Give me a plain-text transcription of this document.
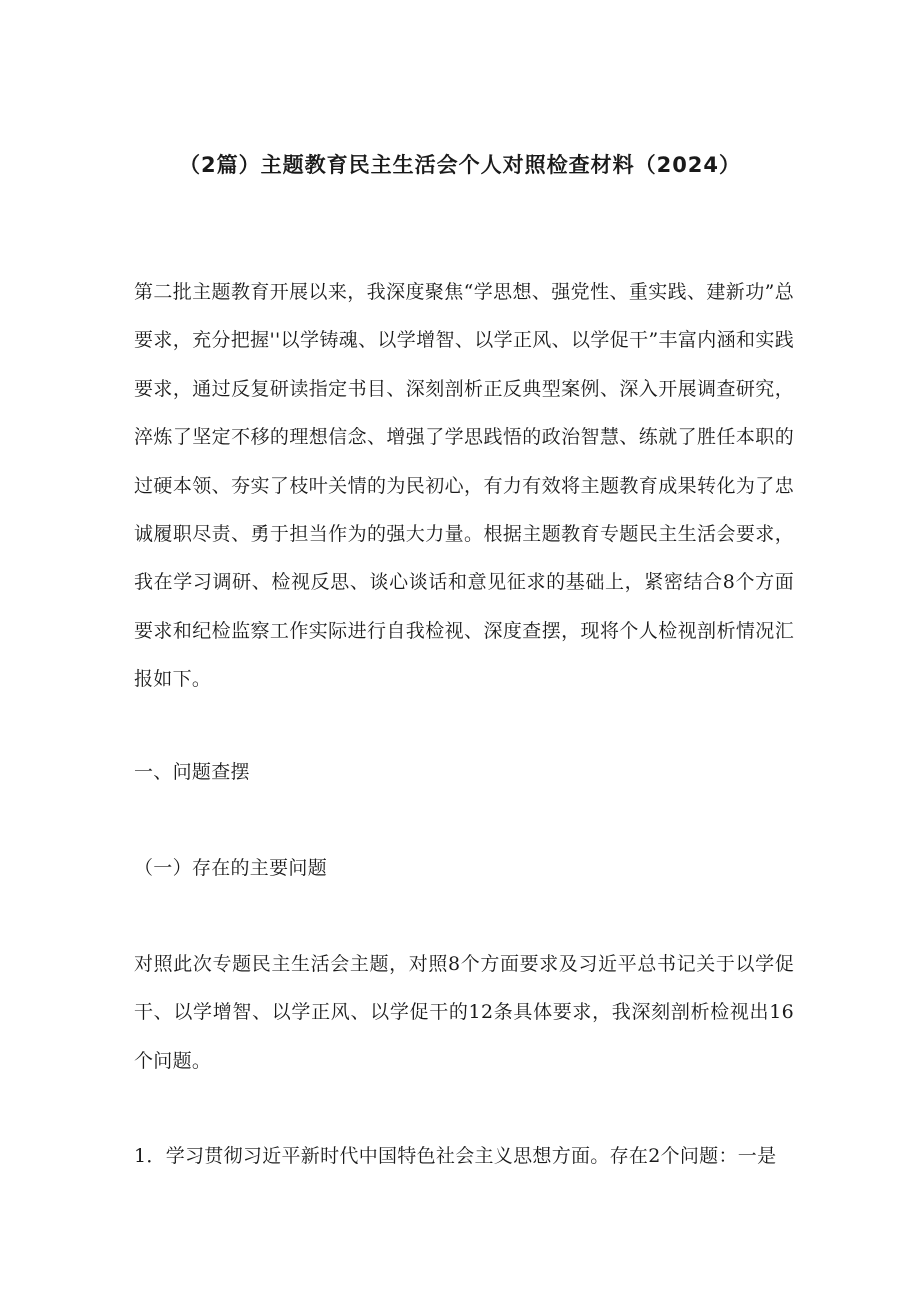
（2篇）主题教育民主生活会个人对照检查材料（2024）

第二批主题教育开展以来，我深度聚焦“学思想、强党性、重实践、建新功”总要求，充分把握''以学铸魂、以学增智、以学正风、以学促干”丰富内涵和实践要求，通过反复研读指定书目、深刻剖析正反典型案例、深入开展调查研究，淬炼了坚定不移的理想信念、增强了学思践悟的政治智慧、练就了胜任本职的过硬本领、夯实了枝叶关情的为民初心，有力有效将主题教育成果转化为了忠诚履职尽责、勇于担当作为的强大力量。根据主题教育专题民主生活会要求，我在学习调研、检视反思、谈心谈话和意见征求的基础上，紧密结合8个方面要求和纪检监察工作实际进行自我检视、深度查摆，现将个人检视剖析情况汇报如下。

一、问题查摆

（一）存在的主要问题

对照此次专题民主生活会主题，对照8个方面要求及习近平总书记关于以学促干、以学增智、以学正风、以学促干的12条具体要求，我深刻剖析检视出16个问题。

1．学习贯彻习近平新时代中国特色社会主义思想方面。存在2个问题：一是
